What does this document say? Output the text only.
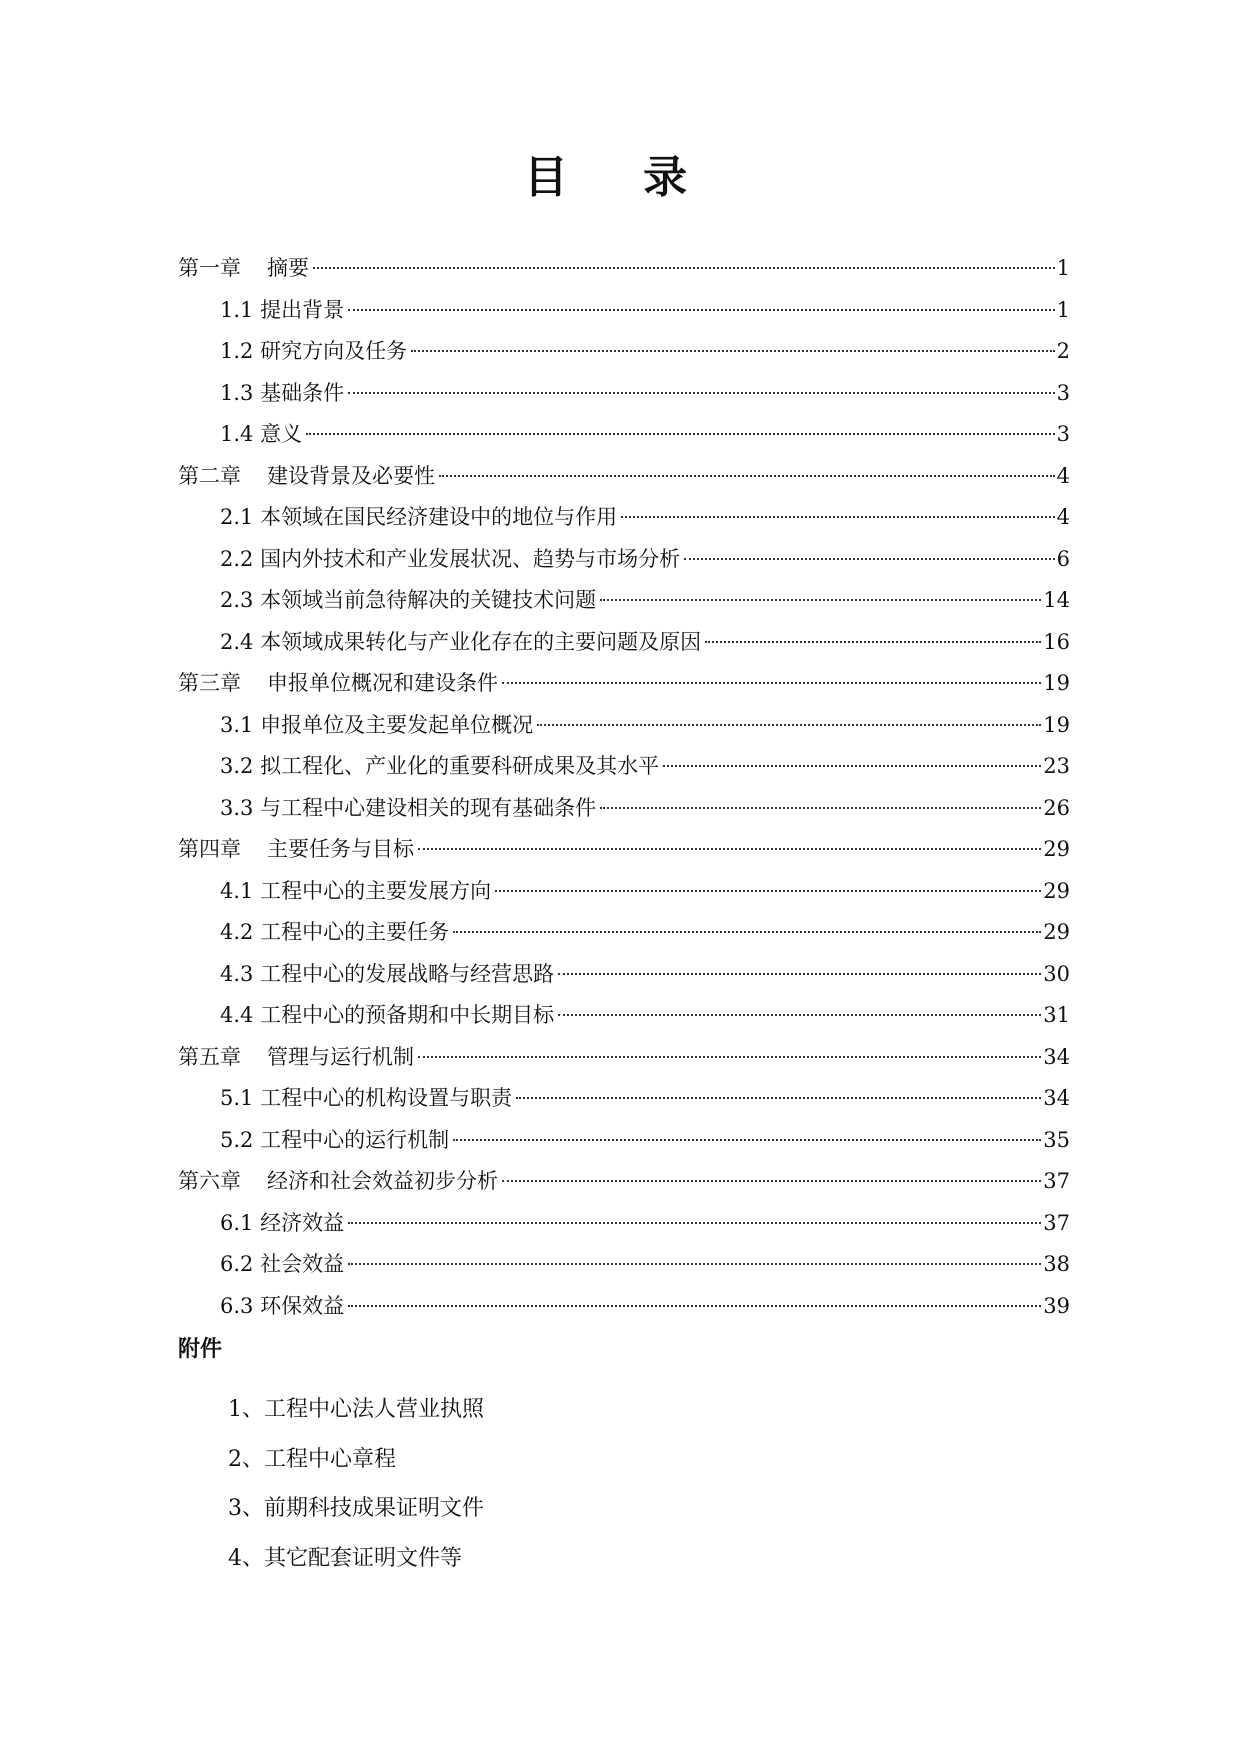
目 录
第一章 摘要	1
1.1 提出背景	1
1.2 研究方向及任务	2
1.3 基础条件	3
1.4 意义	3
第二章 建设背景及必要性	4
2.1 本领域在国民经济建设中的地位与作用	4
2.2 国内外技术和产业发展状况、趋势与市场分析	6
2.3 本领域当前急待解决的关键技术问题	14
2.4 本领域成果转化与产业化存在的主要问题及原因	16
第三章 申报单位概况和建设条件	19
3.1 申报单位及主要发起单位概况	19
3.2 拟工程化、产业化的重要科研成果及其水平	23
3.3 与工程中心建设相关的现有基础条件	26
第四章 主要任务与目标	29
4.1 工程中心的主要发展方向	29
4.2 工程中心的主要任务	29
4.3 工程中心的发展战略与经营思路	30
4.4 工程中心的预备期和中长期目标	31
第五章 管理与运行机制	34
5.1 工程中心的机构设置与职责	34
5.2 工程中心的运行机制	35
第六章 经济和社会效益初步分析	37
6.1 经济效益	37
6.2 社会效益	38
6.3 环保效益	39
附件
1、工程中心法人营业执照
2、工程中心章程
3、前期科技成果证明文件
4、其它配套证明文件等
